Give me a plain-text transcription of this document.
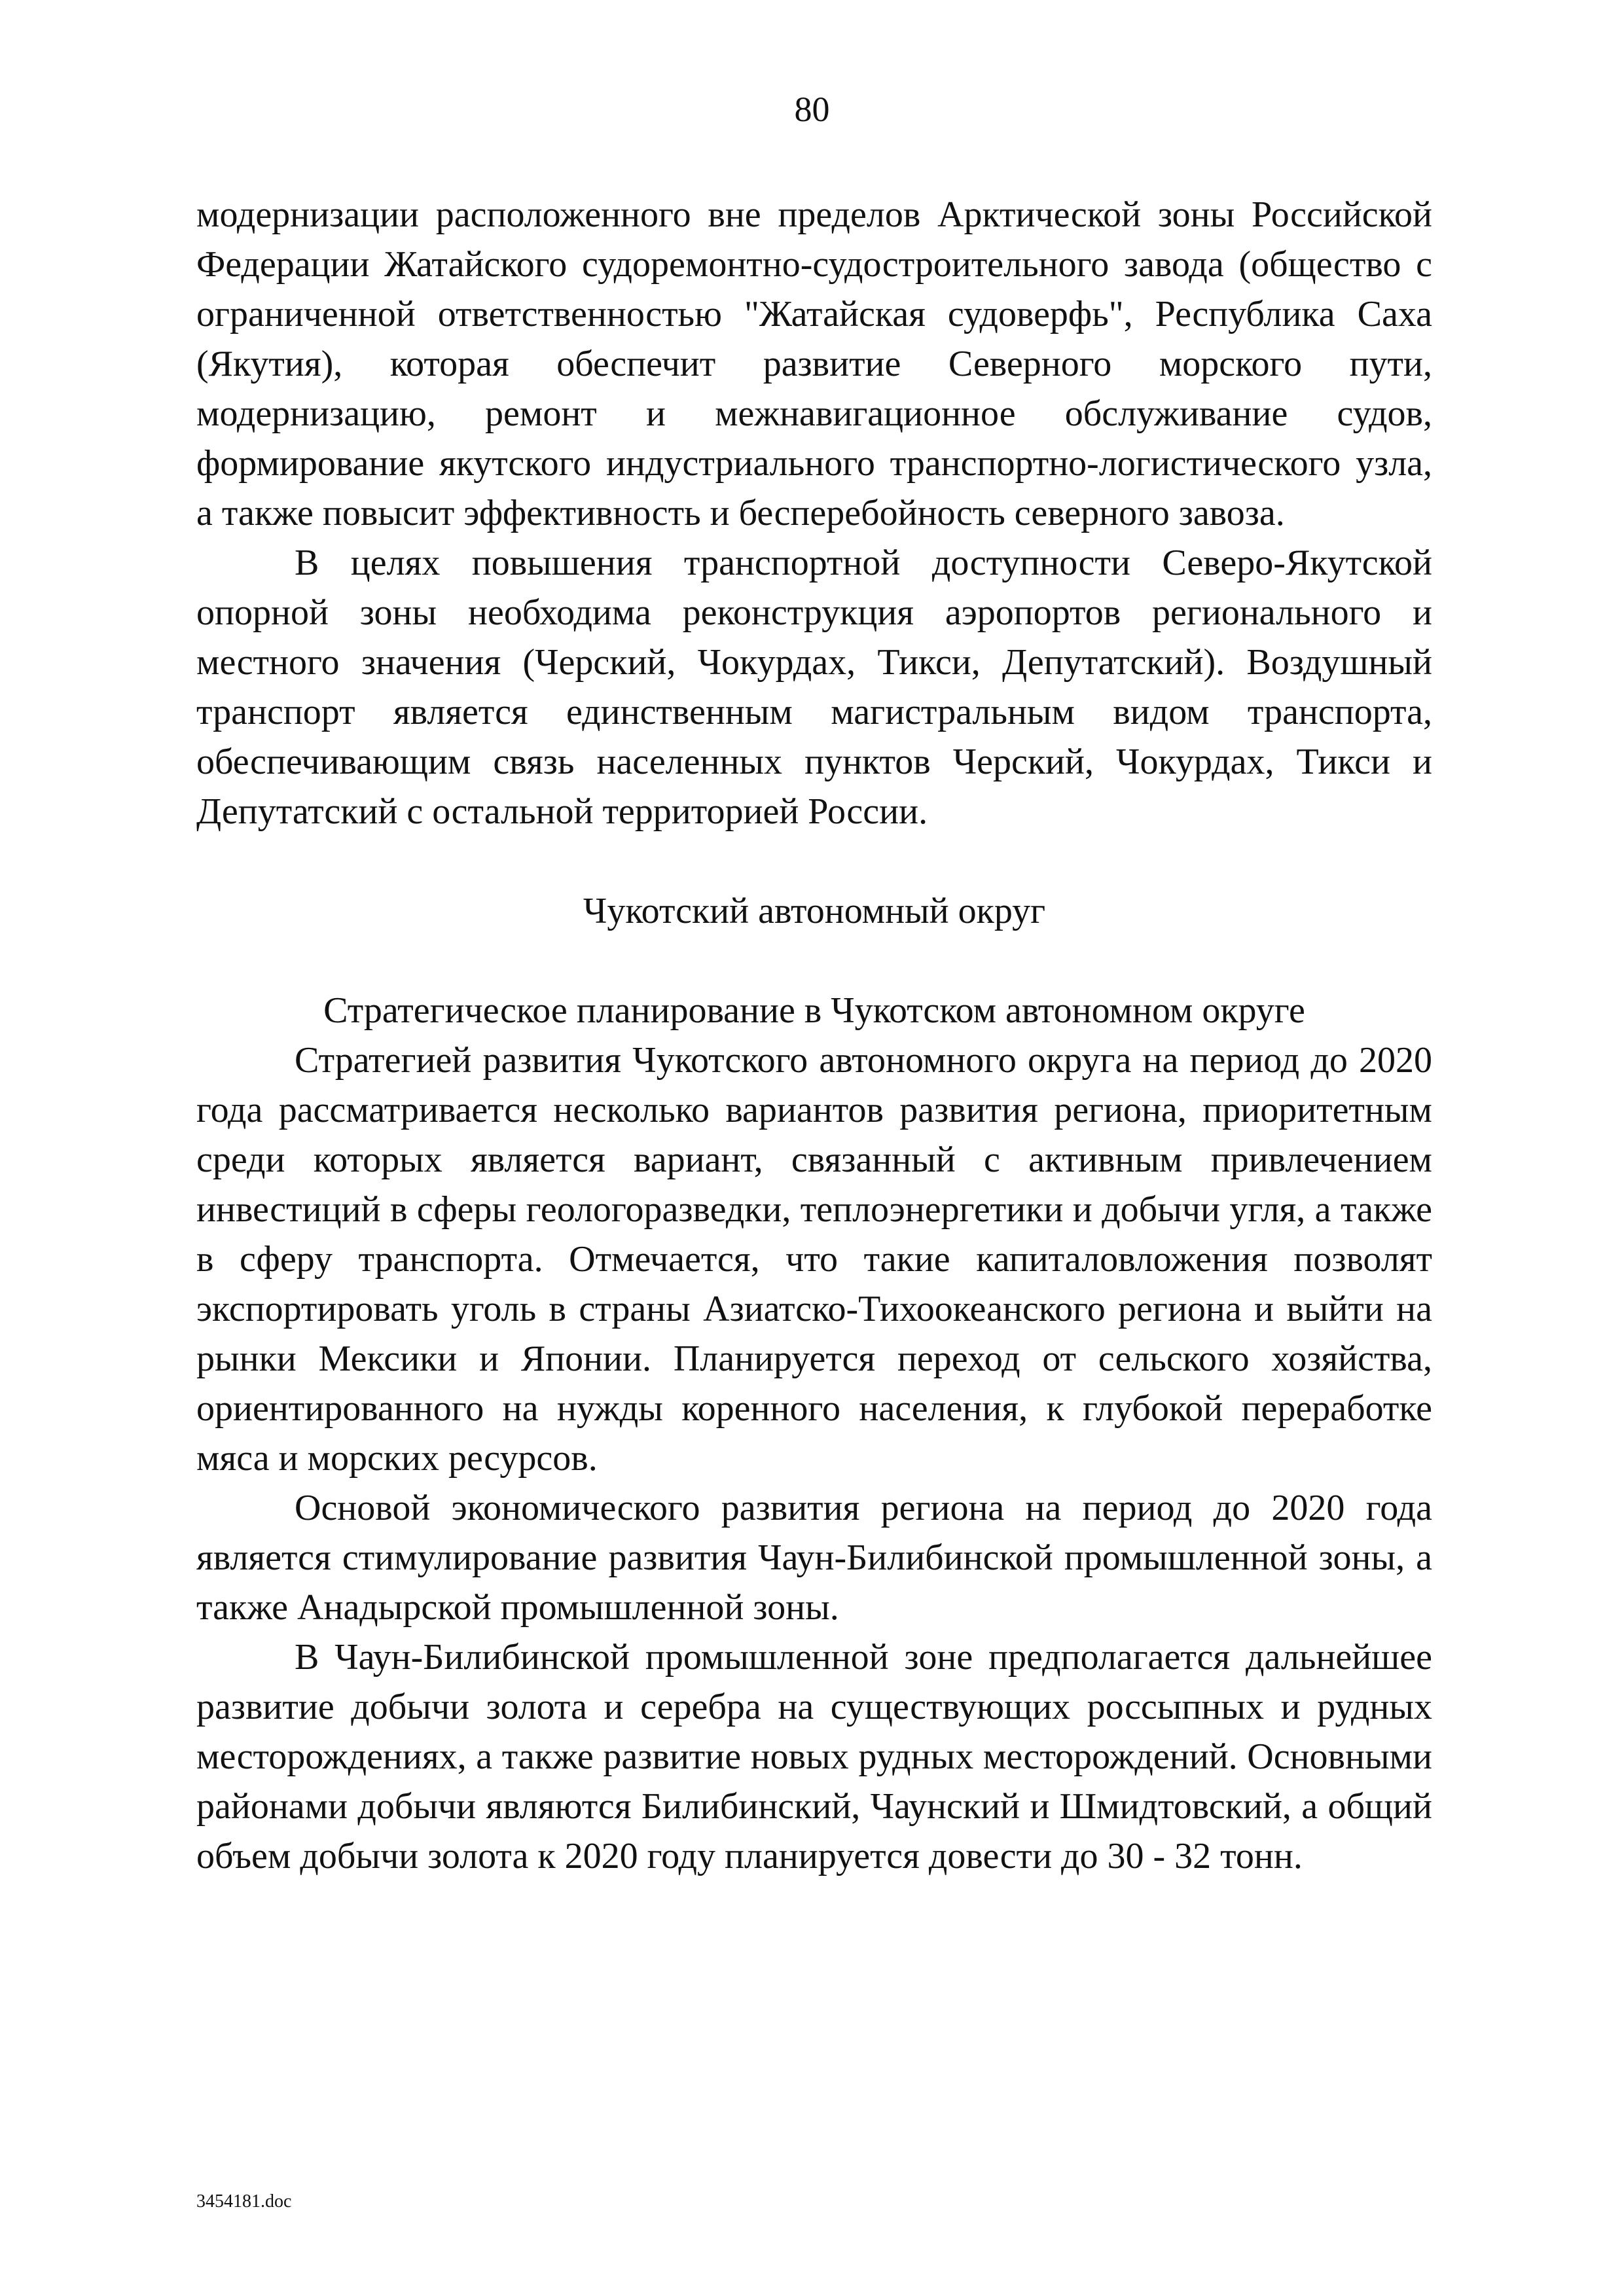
80

модернизации расположенного вне пределов Арктической зоны Российской Федерации Жатайского судоремонтно-судостроительного завода (общество с ограниченной ответственностью "Жатайская судоверфь", Республика Саха (Якутия), которая обеспечит развитие Северного морского пути, модернизацию, ремонт и межнавигационное обслуживание судов, формирование якутского индустриального транспортно-логистического узла, а также повысит эффективность и бесперебойность северного завоза.

В целях повышения транспортной доступности Северо-Якутской опорной зоны необходима реконструкция аэропортов регионального и местного значения (Черский, Чокурдах, Тикси, Депутатский). Воздушный транспорт является единственным магистральным видом транспорта, обеспечивающим связь населенных пунктов Черский, Чокурдах, Тикси и Депутатский с остальной территорией России.

Чукотский автономный округ
Стратегическое планирование в Чукотском автономном округе

Стратегией развития Чукотского автономного округа на период до 2020 года рассматривается несколько вариантов развития региона, приоритетным среди которых является вариант, связанный с активным привлечением инвестиций в сферы геологоразведки, теплоэнергетики и добычи угля, а также в сферу транспорта. Отмечается, что такие капиталовложения позволят экспортировать уголь в страны Азиатско-Тихоокеанского региона и выйти на рынки Мексики и Японии. Планируется переход от сельского хозяйства, ориентированного на нужды коренного населения, к глубокой переработке мяса и морских ресурсов.

Основой экономического развития региона на период до 2020 года является стимулирование развития Чаун-Билибинской промышленной зоны, а также Анадырской промышленной зоны.

В Чаун-Билибинской промышленной зоне предполагается дальнейшее развитие добычи золота и серебра на существующих россыпных и рудных месторождениях, а также развитие новых рудных месторождений. Основными районами добычи являются Билибинский, Чаунский и Шмидтовский, а общий объем добычи золота к 2020 году планируется довести до 30 - 32 тонн.

3454181.doc
